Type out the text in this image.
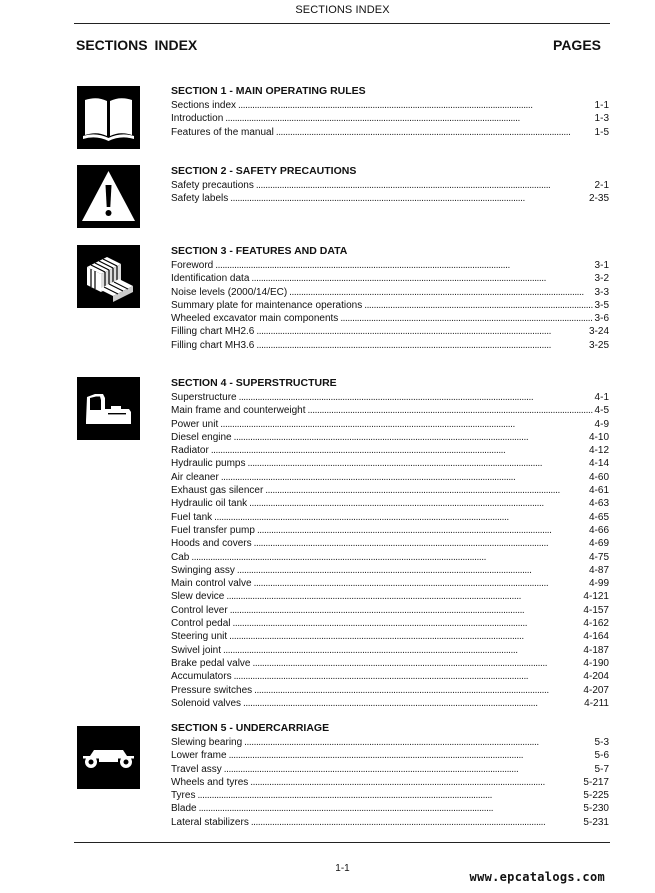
SECTIONS INDEX
SECTIONS INDEX	PAGES
SECTION 1 - MAIN OPERATING RULES
Sections index . . .	1-1
Introduction . . .	1-3
Features of the manual . . .	1-5
SECTION 2 - SAFETY PRECAUTIONS
Safety precautions . . .	2-1
Safety labels . . .	2-35
SECTION 3 - FEATURES AND DATA
Foreword . . .	3-1
Identification data . . .	3-2
Noise levels (2000/14/EC) . . .	3-3
Summary plate for maintenance operations . . .	3-5
Wheeled excavator main components . . .	3-6
Filling chart MH2.6 . . .	3-24
Filling chart MH3.6 . . .	3-25
SECTION 4 - SUPERSTRUCTURE
Superstructure . . .	4-1
Main frame and counterweight . . .	4-5
Power unit . . .	4-9
Diesel engine . . .	4-10
Radiator . . .	4-12
Hydraulic pumps . . .	4-14
Air cleaner . . .	4-60
Exhaust gas silencer . . .	4-61
Hydraulic oil tank . . .	4-63
Fuel tank . . .	4-65
Fuel transfer pump . . .	4-66
Hoods and covers . . .	4-69
Cab . . .	4-75
Swinging assy . . .	4-87
Main control valve . . .	4-99
Slew device . . .	4-121
Control lever . . .	4-157
Control pedal . . .	4-162
Steering unit . . .	4-164
Swivel joint . . .	4-187
Brake pedal valve . . .	4-190
Accumulators . . .	4-204
Pressure switches . . .	4-207
Solenoid valves . . .	4-211
SECTION 5 - UNDERCARRIAGE
Slewing bearing . . .	5-3
Lower frame . . .	5-6
Travel assy . . .	5-7
Wheels and tyres . . .	5-217
Tyres . . .	5-225
Blade . . .	5-230
Lateral stabilizers . . .	5-231
1-1
www.epcatalogs.com
